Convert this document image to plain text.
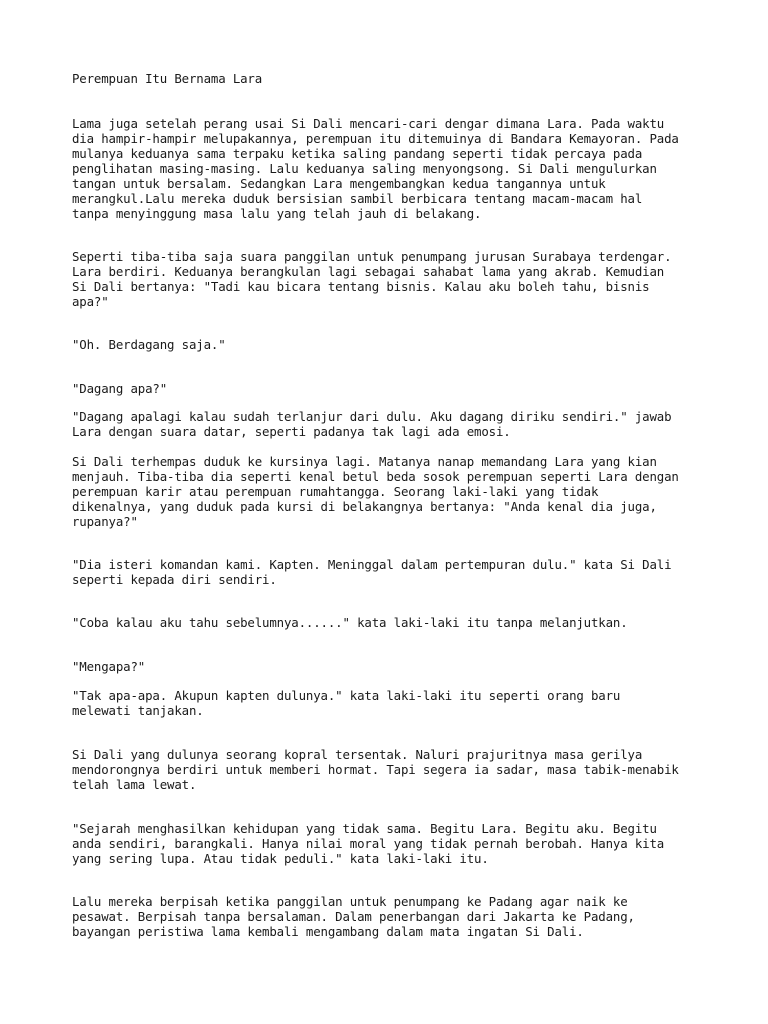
Perempuan Itu Bernama Lara

Lama juga setelah perang usai Si Dali mencari-cari dengar dimana Lara. Pada waktu
dia hampir-hampir melupakannya, perempuan itu ditemuinya di Bandara Kemayoran. Pada
mulanya keduanya sama terpaku ketika saling pandang seperti tidak percaya pada
penglihatan masing-masing. Lalu keduanya saling menyongsong. Si Dali mengulurkan
tangan untuk bersalam. Sedangkan Lara mengembangkan kedua tangannya untuk
merangkul.Lalu mereka duduk bersisian sambil berbicara tentang macam-macam hal
tanpa menyinggung masa lalu yang telah jauh di belakang.

Seperti tiba-tiba saja suara panggilan untuk penumpang jurusan Surabaya terdengar.
Lara berdiri. Keduanya berangkulan lagi sebagai sahabat lama yang akrab. Kemudian
Si Dali bertanya: "Tadi kau bicara tentang bisnis. Kalau aku boleh tahu, bisnis
apa?"

"Oh. Berdagang saja."

"Dagang apa?"

"Dagang apalagi kalau sudah terlanjur dari dulu. Aku dagang diriku sendiri." jawab
Lara dengan suara datar, seperti padanya tak lagi ada emosi.

Si Dali terhempas duduk ke kursinya lagi. Matanya nanap memandang Lara yang kian
menjauh. Tiba-tiba dia seperti kenal betul beda sosok perempuan seperti Lara dengan
perempuan karir atau perempuan rumahtangga. Seorang laki-laki yang tidak
dikenalnya, yang duduk pada kursi di belakangnya bertanya: "Anda kenal dia juga,
rupanya?"

"Dia isteri komandan kami. Kapten. Meninggal dalam pertempuran dulu." kata Si Dali
seperti kepada diri sendiri.

"Coba kalau aku tahu sebelumnya......" kata laki-laki itu tanpa melanjutkan.

"Mengapa?"

"Tak apa-apa. Akupun kapten dulunya." kata laki-laki itu seperti orang baru
melewati tanjakan.

Si Dali yang dulunya seorang kopral tersentak. Naluri prajuritnya masa gerilya
mendorongnya berdiri untuk memberi hormat. Tapi segera ia sadar, masa tabik-menabik
telah lama lewat.

"Sejarah menghasilkan kehidupan yang tidak sama. Begitu Lara. Begitu aku. Begitu
anda sendiri, barangkali. Hanya nilai moral yang tidak pernah berobah. Hanya kita
yang sering lupa. Atau tidak peduli." kata laki-laki itu.

Lalu mereka berpisah ketika panggilan untuk penumpang ke Padang agar naik ke
pesawat. Berpisah tanpa bersalaman. Dalam penerbangan dari Jakarta ke Padang,
bayangan peristiwa lama kembali mengambang dalam mata ingatan Si Dali.
